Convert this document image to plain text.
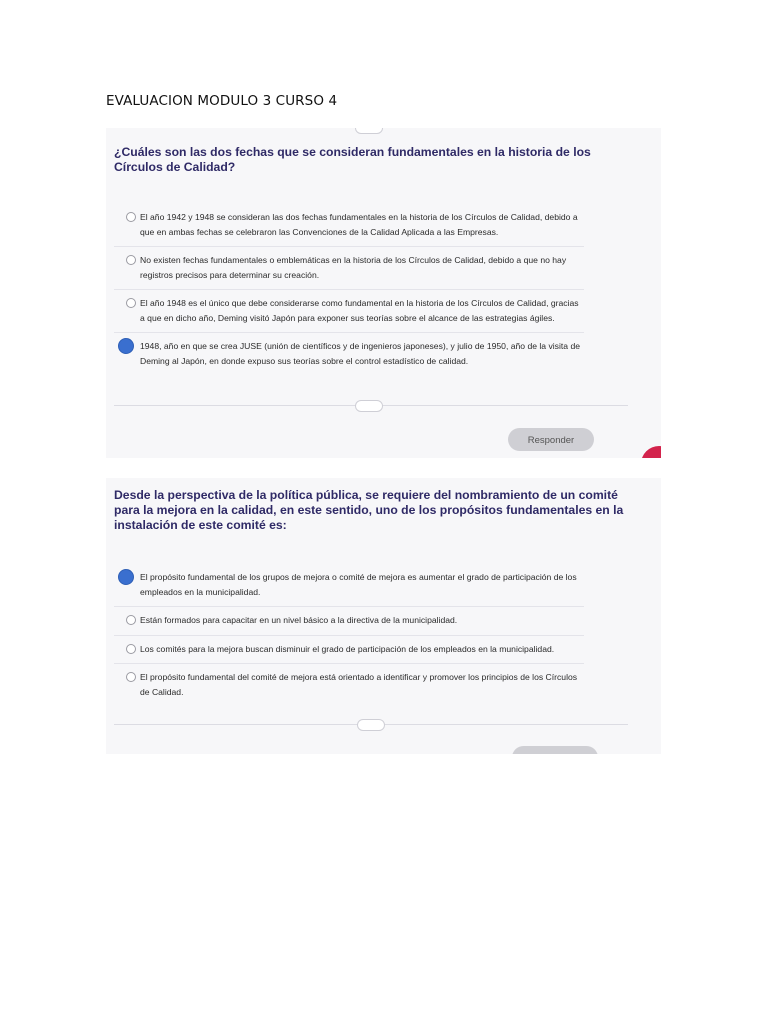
EVALUACION MODULO 3 CURSO 4
¿Cuáles son las dos fechas que se consideran fundamentales en la historia de los Círculos de Calidad?
El año 1942 y 1948 se consideran las dos fechas fundamentales en la historia de los Círculos de Calidad, debido a que en ambas fechas se celebraron las Convenciones de la Calidad Aplicada a las Empresas.
No existen fechas fundamentales o emblemáticas en la historia de los Círculos de Calidad, debido a que no hay registros precisos para determinar su creación.
El año 1948 es el único que debe considerarse como fundamental en la historia de los Círculos de Calidad, gracias a que en dicho año, Deming visitó Japón para exponer sus teorías sobre el alcance de las estrategias ágiles.
1948, año en que se crea JUSE (unión de científicos y de ingenieros japoneses), y julio de 1950, año de la visita de Deming al Japón, en donde expuso sus teorías sobre el control estadístico de calidad.
Responder
Desde la perspectiva de la política pública, se requiere del nombramiento de un comité para la mejora en la calidad, en este sentido, uno de los propósitos fundamentales en la instalación de este comité es:
El propósito fundamental de los grupos de mejora o comité de mejora es aumentar el grado de participación de los empleados en la municipalidad.
Están formados para capacitar en un nivel básico a la directiva de la municipalidad.
Los comités para la mejora buscan disminuir el grado de participación de los empleados en la municipalidad.
El propósito fundamental del comité de mejora está orientado a identificar y promover los principios de los Círculos de Calidad.
